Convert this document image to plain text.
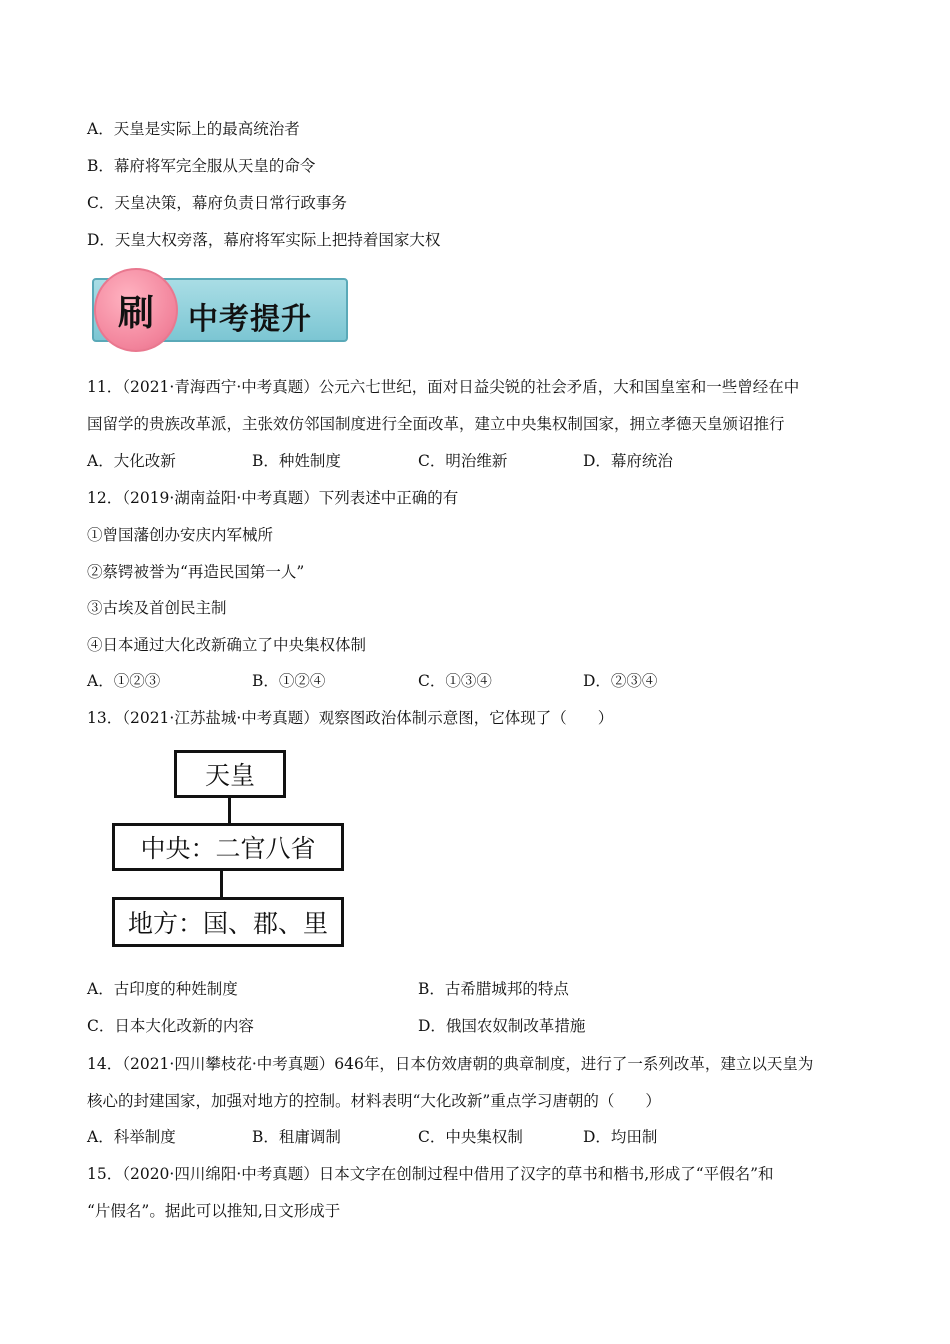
A．天皇是实际上的最高统治者
B．幕府将军完全服从天皇的命令
C．天皇决策，幕府负责日常行政事务
D．天皇大权旁落，幕府将军实际上把持着国家大权
刷	中考提升
11．（2021·青海西宁·中考真题）公元六七世纪，面对日益尖锐的社会矛盾，大和国皇室和一些曾经在中
国留学的贵族改革派，主张效仿邻国制度进行全面改革，建立中央集权制国家，拥立孝德天皇颁诏推行
A．大化改新	B．种姓制度	C．明治维新	D．幕府统治
12．（2019·湖南益阳·中考真题）下列表述中正确的有
①曾国藩创办安庆内军械所
②蔡锷被誉为“再造民国第一人”
③古埃及首创民主制
④日本通过大化改新确立了中央集权体制
A．①②③	B．①②④	C．①③④	D．②③④
13．（2021·江苏盐城·中考真题）观察图政治体制示意图，它体现了（　　）
天皇
中央：二官八省
地方：国、郡、里
A．古印度的种姓制度	B．古希腊城邦的特点
C．日本大化改新的内容	D．俄国农奴制改革措施
14．（2021·四川攀枝花·中考真题）646年，日本仿效唐朝的典章制度，进行了一系列改革，建立以天皇为
核心的封建国家，加强对地方的控制。材料表明“大化改新”重点学习唐朝的（　　）
A．科举制度	B．租庸调制	C．中央集权制	D．均田制
15．（2020·四川绵阳·中考真题）日本文字在创制过程中借用了汉字的草书和楷书,形成了“平假名”和
“片假名”。据此可以推知,日文形成于
